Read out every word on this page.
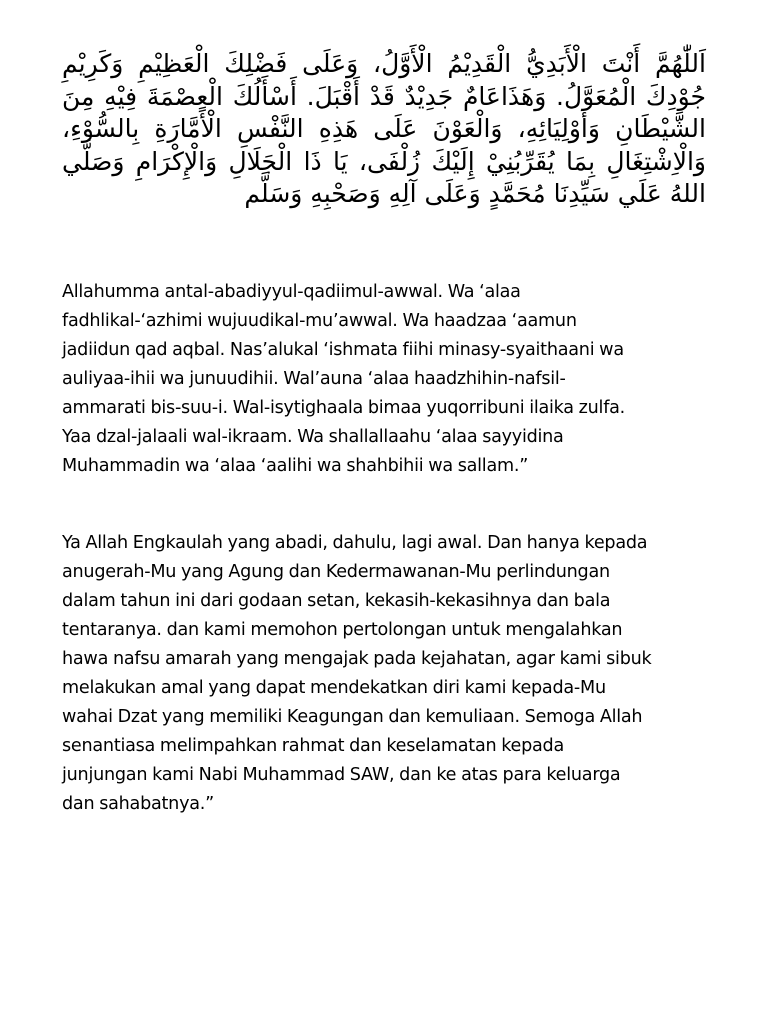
اَللّٰهُمَّ أَنْتَ الْأَبَدِيُّ الْقَدِيْمُ الْأَوَّلُ، وَعَلَى فَضْلِكَ الْعَظِيْمِ وَكَرِيْمِ جُوْدِكَ الْمُعَوَّلُ. وَهَذَاعَامٌ جَدِيْدٌ قَدْ أَقْبَلَ. أَسْأَلُكَ الْعِصْمَةَ فِيْهِ مِنَ الشَّيْطَانِ وَأَوْلِيَائِهِ، وَالْعَوْنَ عَلَى هَذِهِ النَّفْسِ الْأَمَّارَةِ بِالسُّوْءِ، وَالْاِشْتِغَالِ بِمَا يُقَرِّبُنِيْ إِلَيْكَ زُلْفَى، يَا ذَا الْجَلَالِ وَالْإِكْرَامِ وَصَلَّي اللهُ عَلَي سَيِّدِنَا مُحَمَّدٍ وَعَلَى آلِهِ وَصَحْبِهِ وَسَلَّم

Allahumma antal-abadiyyul-qadiimul-awwal. Wa ‘alaa
fadhlikal-‘azhimi wujuudikal-mu’awwal. Wa haadzaa ‘aamun
jadiidun qad aqbal. Nas’alukal ‘ishmata fiihi minasy-syaithaani wa
auliyaa-ihii wa junuudihii. Wal’auna ‘alaa haadzhihin-nafsil-
ammarati bis-suu-i. Wal-isytighaala bimaa yuqorribuni ilaika zulfa.
Yaa dzal-jalaali wal-ikraam. Wa shallallaahu ‘alaa sayyidina
Muhammadin wa ‘alaa ‘aalihi wa shahbihii wa sallam.”

Ya Allah Engkaulah yang abadi, dahulu, lagi awal. Dan hanya kepada
anugerah-Mu yang Agung dan Kedermawanan-Mu perlindungan
dalam tahun ini dari godaan setan, kekasih-kekasihnya dan bala
tentaranya. dan kami memohon pertolongan untuk mengalahkan
hawa nafsu amarah yang mengajak pada kejahatan, agar kami sibuk
melakukan amal yang dapat mendekatkan diri kami kepada-Mu
wahai Dzat yang memiliki Keagungan dan kemuliaan. Semoga Allah
senantiasa melimpahkan rahmat dan keselamatan kepada
junjungan kami Nabi Muhammad SAW, dan ke atas para keluarga
dan sahabatnya.”
